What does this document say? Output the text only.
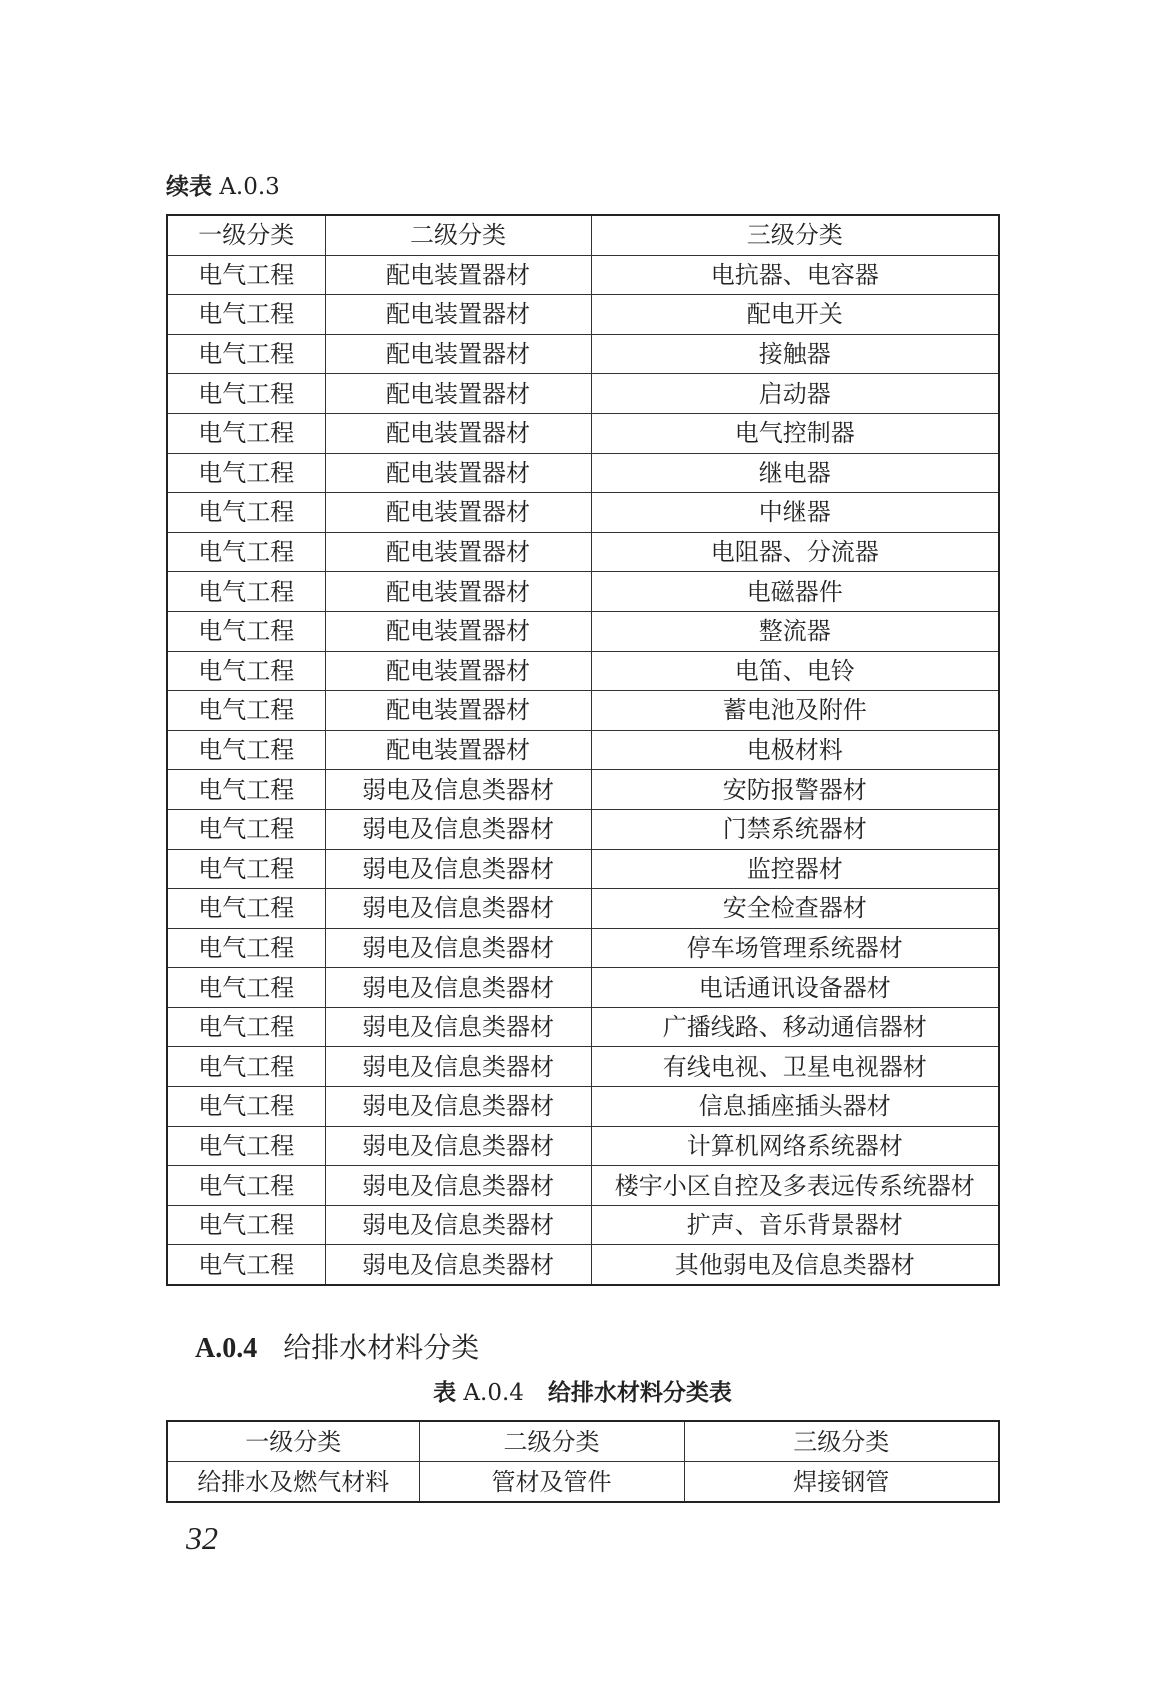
续表 A.0.3
一级分类	二级分类	三级分类
电气工程	配电装置器材	电抗器、电容器
电气工程	配电装置器材	配电开关
电气工程	配电装置器材	接触器
电气工程	配电装置器材	启动器
电气工程	配电装置器材	电气控制器
电气工程	配电装置器材	继电器
电气工程	配电装置器材	中继器
电气工程	配电装置器材	电阻器、分流器
电气工程	配电装置器材	电磁器件
电气工程	配电装置器材	整流器
电气工程	配电装置器材	电笛、电铃
电气工程	配电装置器材	蓄电池及附件
电气工程	配电装置器材	电极材料
电气工程	弱电及信息类器材	安防报警器材
电气工程	弱电及信息类器材	门禁系统器材
电气工程	弱电及信息类器材	监控器材
电气工程	弱电及信息类器材	安全检查器材
电气工程	弱电及信息类器材	停车场管理系统器材
电气工程	弱电及信息类器材	电话通讯设备器材
电气工程	弱电及信息类器材	广播线路、移动通信器材
电气工程	弱电及信息类器材	有线电视、卫星电视器材
电气工程	弱电及信息类器材	信息插座插头器材
电气工程	弱电及信息类器材	计算机网络系统器材
电气工程	弱电及信息类器材	楼宇小区自控及多表远传系统器材
电气工程	弱电及信息类器材	扩声、音乐背景器材
电气工程	弱电及信息类器材	其他弱电及信息类器材
A.0.4 给排水材料分类
表 A.0.4 给排水材料分类表
一级分类	二级分类	三级分类
给排水及燃气材料	管材及管件	焊接钢管
32
